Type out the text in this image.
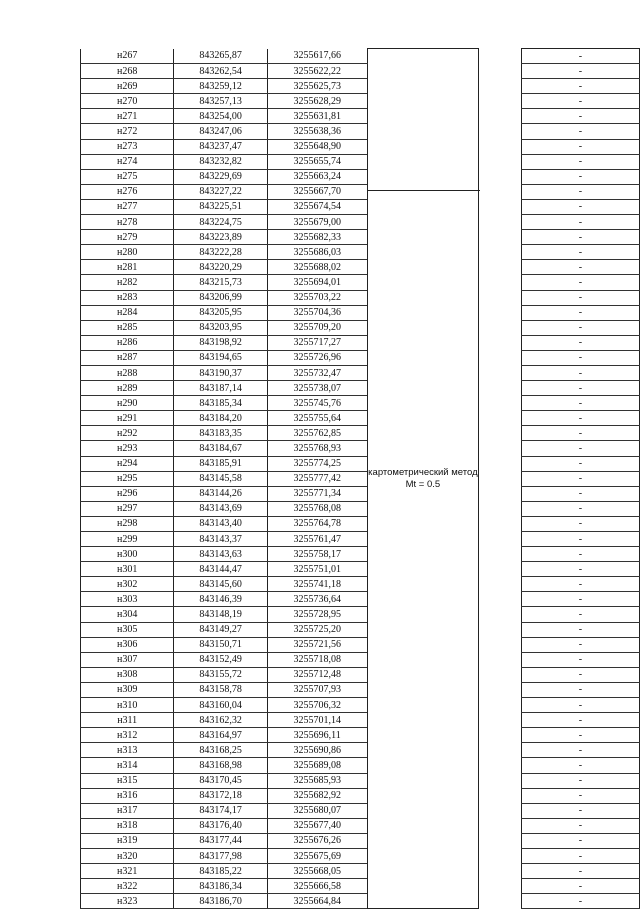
н267	843265,87	3255617,66	картометрический метод Mt = 0.5		-
н268	843262,54	3255622,22			-
н269	843259,12	3255625,73			-
н270	843257,13	3255628,29			-
н271	843254,00	3255631,81			-
н272	843247,06	3255638,36			-
н273	843237,47	3255648,90			-
н274	843232,82	3255655,74			-
н275	843229,69	3255663,24			-
н276	843227,22	3255667,70			-
н277	843225,51	3255674,54			-
н278	843224,75	3255679,00			-
н279	843223,89	3255682,33			-
н280	843222,28	3255686,03			-
н281	843220,29	3255688,02			-
н282	843215,73	3255694,01			-
н283	843206,99	3255703,22			-
н284	843205,95	3255704,36			-
н285	843203,95	3255709,20			-
н286	843198,92	3255717,27			-
н287	843194,65	3255726,96			-
н288	843190,37	3255732,47			-
н289	843187,14	3255738,07			-
н290	843185,34	3255745,76			-
н291	843184,20	3255755,64			-
н292	843183,35	3255762,85			-
н293	843184,67	3255768,93			-
н294	843185,91	3255774,25			-
н295	843145,58	3255777,42			-
н296	843144,26	3255771,34			-
н297	843143,69	3255768,08			-
н298	843143,40	3255764,78			-
н299	843143,37	3255761,47			-
н300	843143,63	3255758,17			-
н301	843144,47	3255751,01			-
н302	843145,60	3255741,18			-
н303	843146,39	3255736,64			-
н304	843148,19	3255728,95			-
н305	843149,27	3255725,20			-
н306	843150,71	3255721,56			-
н307	843152,49	3255718,08			-
н308	843155,72	3255712,48			-
н309	843158,78	3255707,93			-
н310	843160,04	3255706,32			-
н311	843162,32	3255701,14			-
н312	843164,97	3255696,11			-
н313	843168,25	3255690,86			-
н314	843168,98	3255689,08			-
н315	843170,45	3255685,93			-
н316	843172,18	3255682,92			-
н317	843174,17	3255680,07			-
н318	843176,40	3255677,40			-
н319	843177,44	3255676,26			-
н320	843177,98	3255675,69			-
н321	843185,22	3255668,05			-
н322	843186,34	3255666,58			-
н323	843186,70	3255664,84			-
